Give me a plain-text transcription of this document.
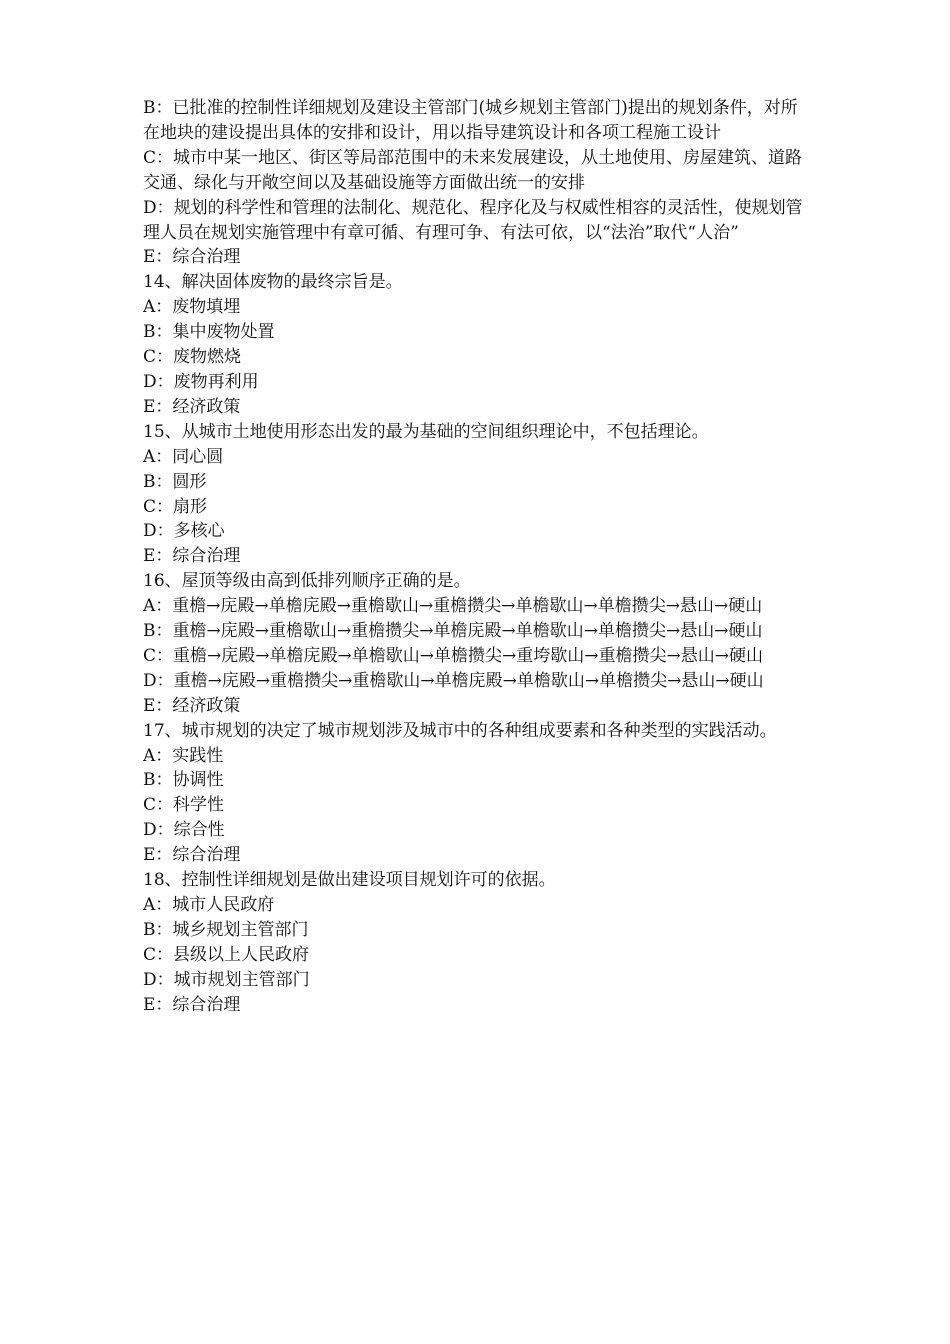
B：已批准的控制性详细规划及建设主管部门(城乡规划主管部门)提出的规划条件，对所在地块的建设提出具体的安排和设计，用以指导建筑设计和各项工程施工设计
C：城市中某一地区、街区等局部范围中的未来发展建设，从土地使用、房屋建筑、道路交通、绿化与开敞空间以及基础设施等方面做出统一的安排
D：规划的科学性和管理的法制化、规范化、程序化及与权威性相容的灵活性，使规划管理人员在规划实施管理中有章可循、有理可争、有法可依，以“法治”取代“人治”
E：综合治理
14、解决固体废物的最终宗旨是。
A：废物填埋
B：集中废物处置
C：废物燃烧
D：废物再利用
E：经济政策
15、从城市土地使用形态出发的最为基础的空间组织理论中，不包括理论。
A：同心圆
B：圆形
C：扇形
D：多核心
E：综合治理
16、屋顶等级由高到低排列顺序正确的是。
A：重檐→庑殿→单檐庑殿→重檐歇山→重檐攒尖→单檐歇山→单檐攒尖→悬山→硬山
B：重檐→庑殿→重檐歇山→重檐攒尖→单檐庑殿→单檐歇山→单檐攒尖→悬山→硬山
C：重檐→庑殿→单檐庑殿→单檐歇山→单檐攒尖→重垮歇山→重檐攒尖→悬山→硬山
D：重檐→庑殿→重檐攒尖→重檐歇山→单檐庑殿→单檐歇山→单檐攒尖→悬山→硬山
E：经济政策
17、城市规划的决定了城市规划涉及城市中的各种组成要素和各种类型的实践活动。
A：实践性
B：协调性
C：科学性
D：综合性
E：综合治理
18、控制性详细规划是做出建设项目规划许可的依据。
A：城市人民政府
B：城乡规划主管部门
C：县级以上人民政府
D：城市规划主管部门
E：综合治理
